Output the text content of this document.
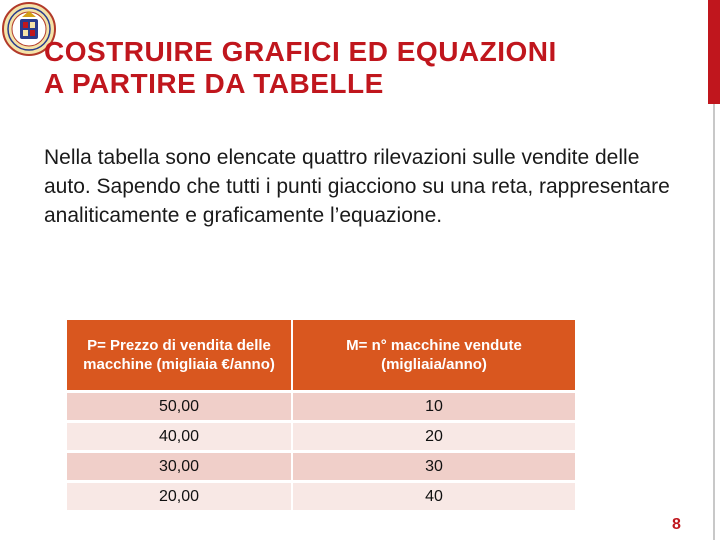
COSTRUIRE GRAFICI ED EQUAZIONI
A PARTIRE DA TABELLE

Nella tabella sono elencate quattro rilevazioni sulle vendite delle auto. Sapendo che tutti i punti giacciono su una reta, rappresentare analiticamente e graficamente l’equazione.

P= Prezzo di vendita delle macchine (migliaia €/anno)	M= n° macchine vendute (migliaia/anno)
50,00	10
40,00	20
30,00	30
20,00	40
8
